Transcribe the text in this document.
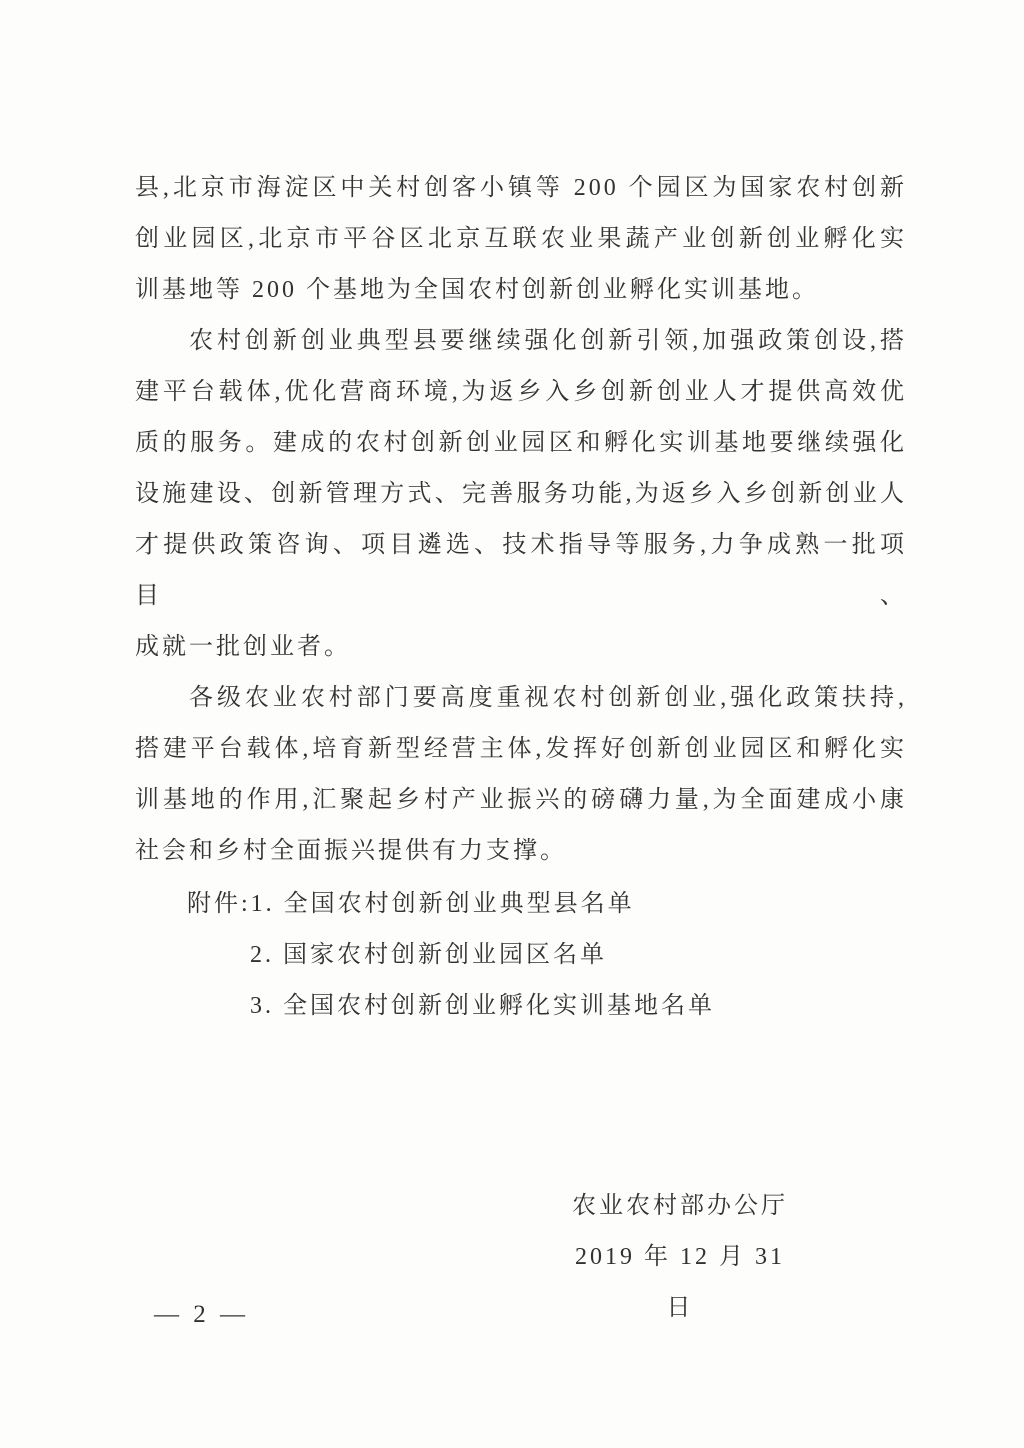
县,北京市海淀区中关村创客小镇等 200 个园区为国家农村创新
创业园区,北京市平谷区北京互联农业果蔬产业创新创业孵化实
训基地等 200 个基地为全国农村创新创业孵化实训基地。
农村创新创业典型县要继续强化创新引领,加强政策创设,搭
建平台载体,优化营商环境,为返乡入乡创新创业人才提供高效优
质的服务。建成的农村创新创业园区和孵化实训基地要继续强化
设施建设、创新管理方式、完善服务功能,为返乡入乡创新创业人
才提供政策咨询、项目遴选、技术指导等服务,力争成熟一批项目、
成就一批创业者。
各级农业农村部门要高度重视农村创新创业,强化政策扶持,
搭建平台载体,培育新型经营主体,发挥好创新创业园区和孵化实
训基地的作用,汇聚起乡村产业振兴的磅礴力量,为全面建成小康
社会和乡村全面振兴提供有力支撑。
附件:1. 全国农村创新创业典型县名单
2. 国家农村创新创业园区名单
3. 全国农村创新创业孵化实训基地名单
农业农村部办公厅
2019 年 12 月 31 日
— 2 —
